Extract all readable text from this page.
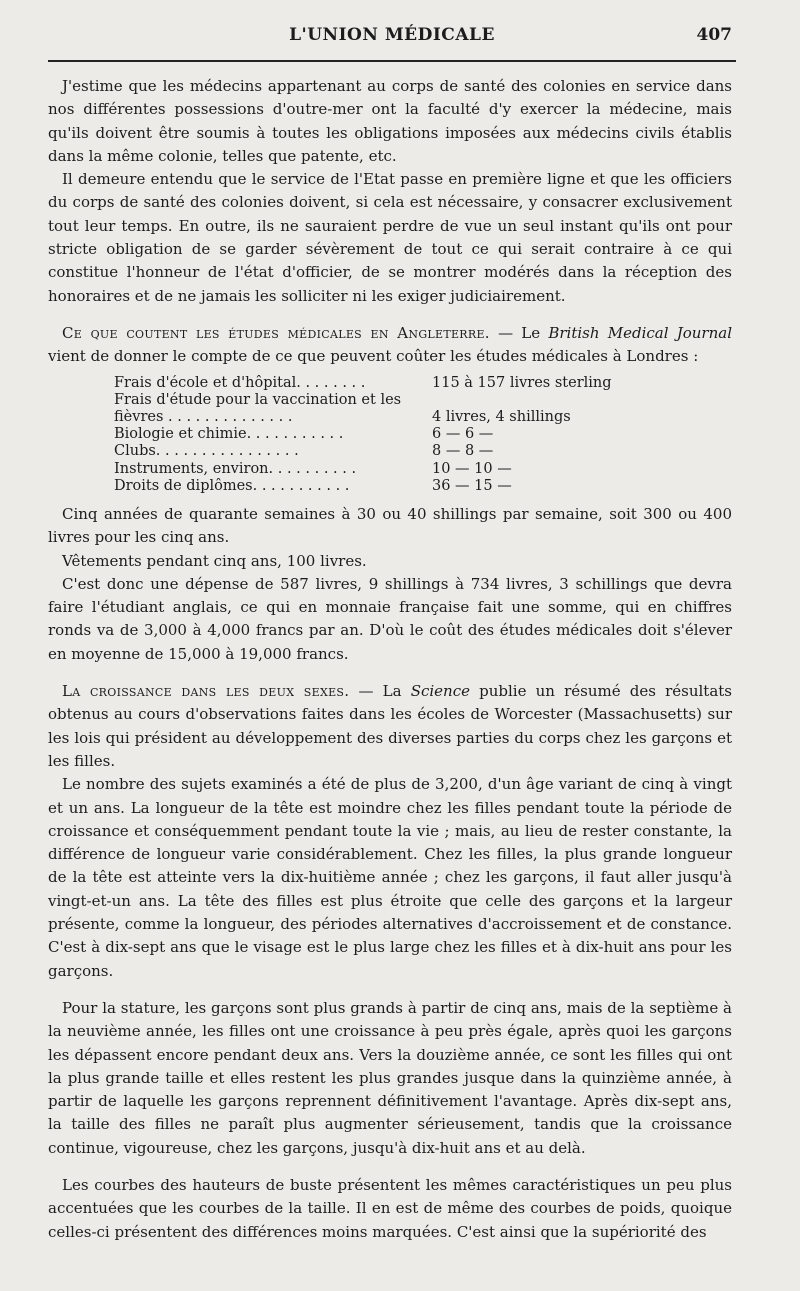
L'UNION MÉDICALE	407

J'estime que les médecins appartenant au corps de santé des colonies en service dans nos différentes possessions d'outre-mer ont la faculté d'y exercer la médecine, mais qu'ils doivent être soumis à toutes les obligations imposées aux médecins civils établis dans la même colonie, telles que patente, etc.

Il demeure entendu que le service de l'Etat passe en première ligne et que les officiers du corps de santé des colonies doivent, si cela est nécessaire, y consacrer exclusivement tout leur temps. En outre, ils ne sauraient perdre de vue un seul instant qu'ils ont pour stricte obligation de se garder sévèrement de tout ce qui serait contraire à ce qui constitue l'honneur de l'état d'officier, de se montrer modérés dans la réception des honoraires et de ne jamais les solliciter ni les exiger judiciairement.

Ce que coutent les études médicales en Angleterre. — Le British Medical Journal vient de donner le compte de ce que peuvent coûter les études médicales à Londres :

Frais d'école et d'hôpital. . . . . . . .	115 à 157 livres sterling
Frais d'étude pour la vaccination et les
fièvres . . . . . . . . . . . . . .	4 livres, 4 shillings
Biologie et chimie. . . . . . . . . . .	6 — 6 —
Clubs. . . . . . . . . . . . . . . .	8 — 8 —
Instruments, environ. . . . . . . . . .	10 — 10 —
Droits de diplômes. . . . . . . . . . .	36 — 15 —

Cinq années de quarante semaines à 30 ou 40 shillings par semaine, soit 300 ou 400 livres pour les cinq ans.

Vêtements pendant cinq ans, 100 livres.

C'est donc une dépense de 587 livres, 9 shillings à 734 livres, 3 schillings que devra faire l'étudiant anglais, ce qui en monnaie française fait une somme, qui en chiffres ronds va de 3,000 à 4,000 francs par an. D'où le coût des études médicales doit s'élever en moyenne de 15,000 à 19,000 francs.

La croissance dans les deux sexes. — La Science publie un résumé des résultats obtenus au cours d'observations faites dans les écoles de Worcester (Massachusetts) sur les lois qui président au développement des diverses parties du corps chez les garçons et les filles.

Le nombre des sujets examinés a été de plus de 3,200, d'un âge variant de cinq à vingt et un ans. La longueur de la tête est moindre chez les filles pendant toute la période de croissance et conséquemment pendant toute la vie ; mais, au lieu de rester constante, la différence de longueur varie considérablement. Chez les filles, la plus grande longueur de la tête est atteinte vers la dix-huitième année ; chez les garçons, il faut aller jusqu'à vingt-et-un ans. La tête des filles est plus étroite que celle des garçons et la largeur présente, comme la longueur, des périodes alternatives d'accroissement et de constance. C'est à dix-sept ans que le visage est le plus large chez les filles et à dix-huit ans pour les garçons.

Pour la stature, les garçons sont plus grands à partir de cinq ans, mais de la septième à la neuvième année, les filles ont une croissance à peu près égale, après quoi les garçons les dépassent encore pendant deux ans. Vers la douzième année, ce sont les filles qui ont la plus grande taille et elles restent les plus grandes jusque dans la quinzième année, à partir de laquelle les garçons reprennent définitivement l'avantage. Après dix-sept ans, la taille des filles ne paraît plus augmenter sérieusement, tandis que la croissance continue, vigoureuse, chez les garçons, jusqu'à dix-huit ans et au delà.

Les courbes des hauteurs de buste présentent les mêmes caractéristiques un peu plus accentuées que les courbes de la taille. Il en est de même des courbes de poids, quoique celles-ci présentent des différences moins marquées. C'est ainsi que la supériorité des
